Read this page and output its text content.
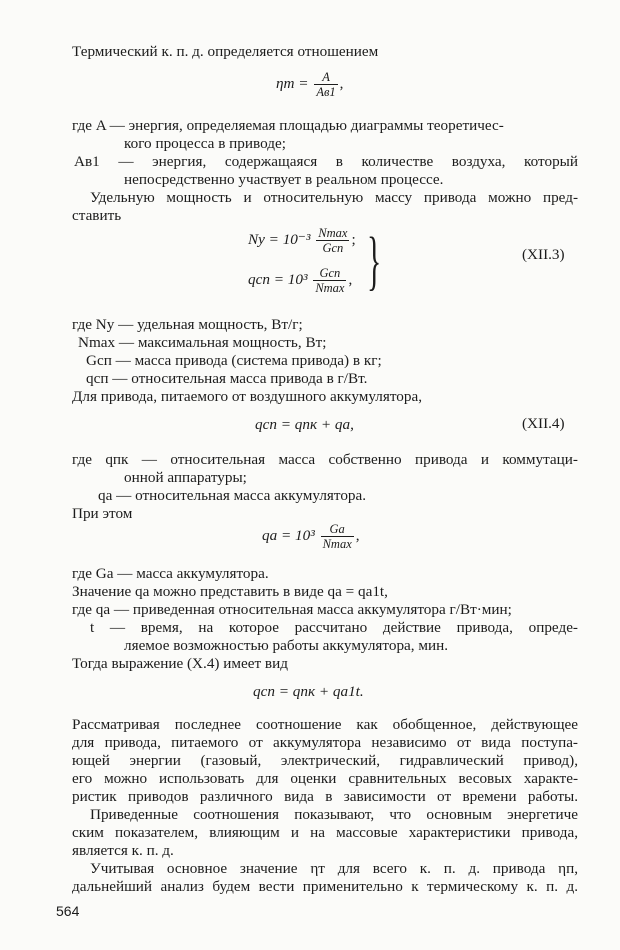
Термический к. п. д. определяется отношением
$\eta т = \frac{A}{Aв1}$ ,
где A — энергия, определяемая площадью диаграммы теоретичес-
кого процесса в приводе;
Aв1 — энергия, содержащаяся в количестве воздуха, который
непосредственно участвует в реальном процессе.
Удельную мощность и относительную массу привода можно пред-
ставить
Nу = $10^{-3} \frac{Nmax}{\text{Gсп}}$ ;
qсп = $10^3 \frac{\text{Gсп}}{Nmax}$ , }	(XII.3)
где Nу — удельная мощность, Вт/г;
Nmax — максимальная мощность, Вт;
Gсп — масса привода (система привода) в кг;
qсп — относительная масса привода в г/Вт.
Для привода, питаемого от воздушного аккумулятора,
qсп = qпк + qа,	(XII.4)
где qпк — относительная масса собственно привода и коммутаци-
онной аппаратуры;
qа — относительная масса аккумулятора.
При этом
qа = $10^3 \frac{Gа}{Nmax}$ ,
где Gа — масса аккумулятора.
Значение qа можно представить в виде qа = qа1t,
где qа — приведенная относительная масса аккумулятора г/Вт·мин;
t — время, на которое рассчитано действие привода, опреде-
ляемое возможностью работы аккумулятора, мин.
Тогда выражение (X.4) имеет вид
qсп = qпк + qа1t.
Рассматривая последнее соотношение как обобщенное, действующее
для привода, питаемого от аккумулятора независимо от вида поступа-
ющей энергии (газовый, электрический, гидравлический привод),
его можно использовать для оценки сравнительных весовых характе-
ристик приводов различного вида в зависимости от времени работы.
Приведенные соотношения показывают, что основным энергетиче
ским показателем, влияющим и на массовые характеристики привода,
является к. п. д.
Учитывая основное значение ηт для всего к. п. д. привода ηп,
дальнейший анализ будем вести применительно к термическому к. п. д.
564
